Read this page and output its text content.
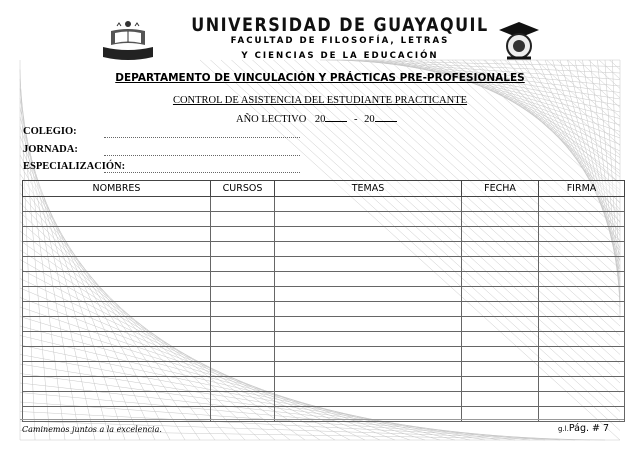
UNIVERSIDAD DE GUAYAQUIL
FACULTAD DE FILOSOFÍA, LETRAS
Y CIENCIAS DE LA EDUCACIÓN
DEPARTAMENTO DE VINCULACIÓN Y PRÁCTICAS PRE-PROFESIONALES
CONTROL DE ASISTENCIA DEL ESTUDIANTE PRACTICANTE
AÑO LECTIVO 20	- 20
COLEGIO:
JORNADA:
ESPECIALIZACIÓN:
NOMBRES	CURSOS	TEMAS	FECHA	FIRMA

Caminemos juntos a la excelencia.	g.l.Pág. # 7
